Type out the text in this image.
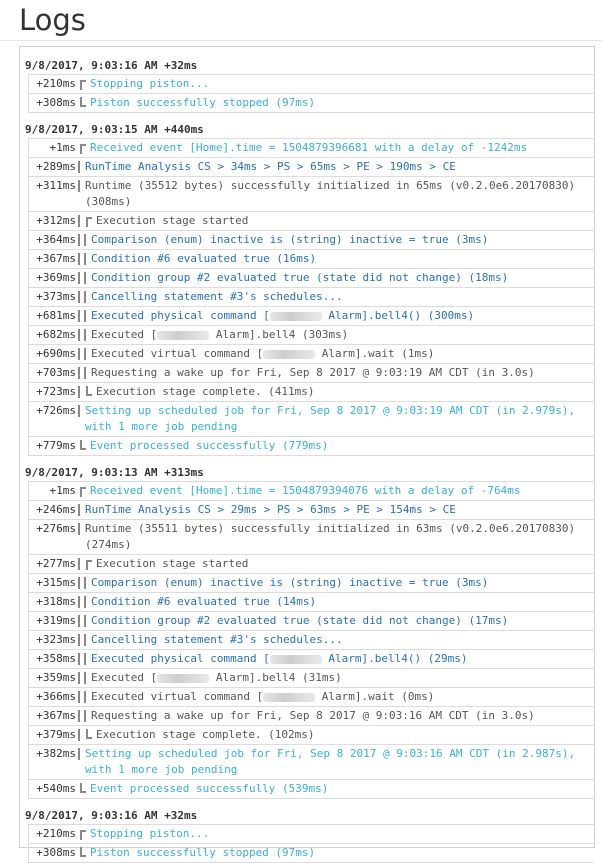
Logs
9/8/2017, 9:03:16 AM +32ms
+210ms Stopping piston...
+308ms Piston successfully stopped (97ms)
9/8/2017, 9:03:15 AM +440ms
+1ms Received event [Home].time = 1504879396681 with a delay of -1242ms
+289ms RunTime Analysis CS > 34ms > PS > 65ms > PE > 190ms > CE
+311ms Runtime (35512 bytes) successfully initialized in 65ms (v0.2.0e6.20170830) (308ms)
+312ms Execution stage started
+364ms Comparison (enum) inactive is (string) inactive = true (3ms)
+367ms Condition #6 evaluated true (16ms)
+369ms Condition group #2 evaluated true (state did not change) (18ms)
+373ms Cancelling statement #3's schedules...
+681ms Executed physical command [	Alarm].bell4() (300ms)
+682ms Executed [	Alarm].bell4 (303ms)
+690ms Executed virtual command [	Alarm].wait (1ms)
+703ms Requesting a wake up for Fri, Sep 8 2017 @ 9:03:19 AM CDT (in 3.0s)
+723ms Execution stage complete. (411ms)
+726ms Setting up scheduled job for Fri, Sep 8 2017 @ 9:03:19 AM CDT (in 2.979s), with 1 more job pending
+779ms Event processed successfully (779ms)
9/8/2017, 9:03:13 AM +313ms
+1ms Received event [Home].time = 1504879394076 with a delay of -764ms
+246ms RunTime Analysis CS > 29ms > PS > 63ms > PE > 154ms > CE
+276ms Runtime (35511 bytes) successfully initialized in 63ms (v0.2.0e6.20170830) (274ms)
+277ms Execution stage started
+315ms Comparison (enum) inactive is (string) inactive = true (3ms)
+318ms Condition #6 evaluated true (14ms)
+319ms Condition group #2 evaluated true (state did not change) (17ms)
+323ms Cancelling statement #3's schedules...
+358ms Executed physical command [	Alarm].bell4() (29ms)
+359ms Executed [	Alarm].bell4 (31ms)
+366ms Executed virtual command [	Alarm].wait (0ms)
+367ms Requesting a wake up for Fri, Sep 8 2017 @ 9:03:16 AM CDT (in 3.0s)
+379ms Execution stage complete. (102ms)
+382ms Setting up scheduled job for Fri, Sep 8 2017 @ 9:03:16 AM CDT (in 2.987s), with 1 more job pending
+540ms Event processed successfully (539ms)
9/8/2017, 9:03:16 AM +32ms
+210ms Stopping piston...
+308ms Piston successfully stopped (97ms)
